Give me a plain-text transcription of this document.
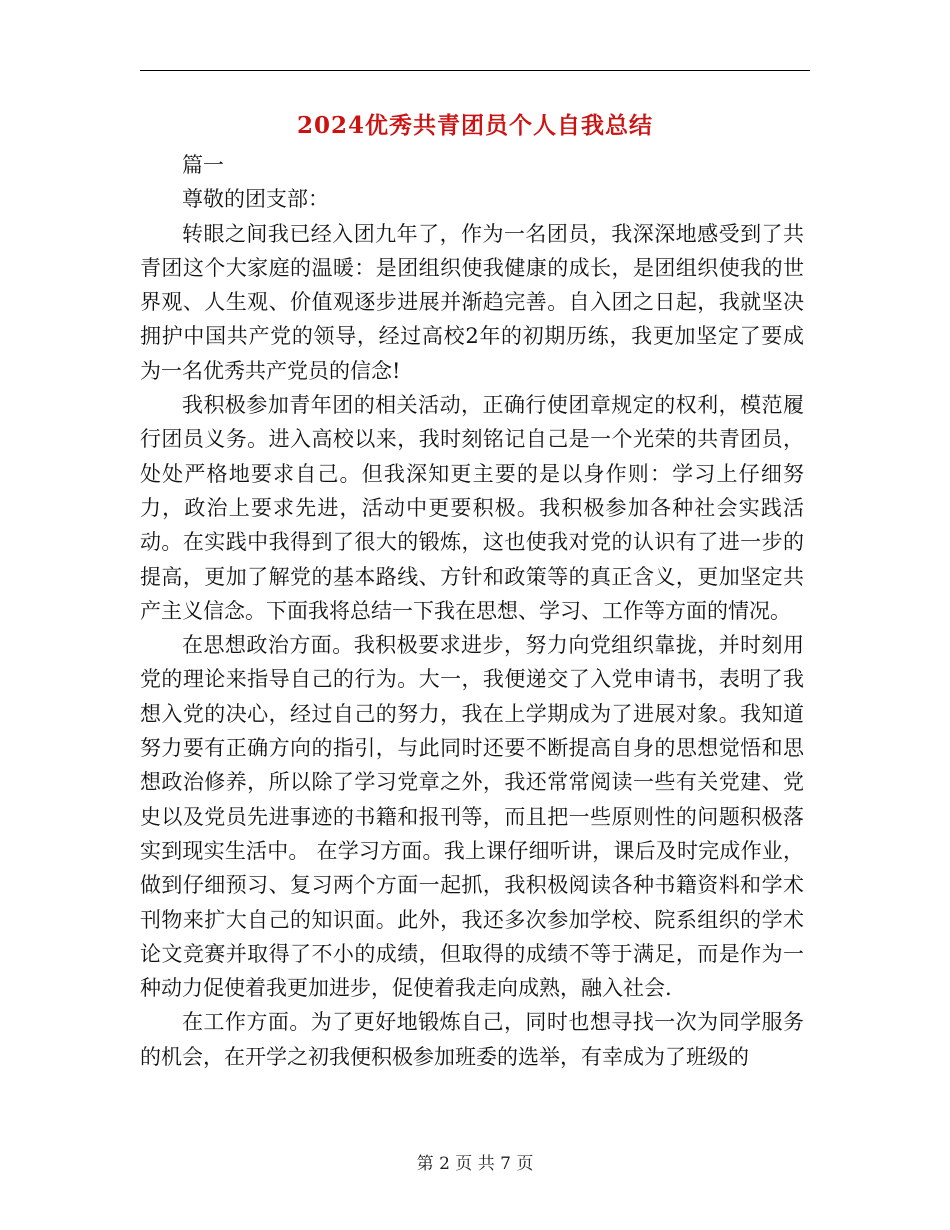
2024优秀共青团员个人自我总结

篇一

尊敬的团支部：

转眼之间我已经入团九年了，作为一名团员，我深深地感受到了共青团这个大家庭的温暖：是团组织使我健康的成长，是团组织使我的世界观、人生观、价值观逐步进展并渐趋完善。自入团之日起，我就坚决拥护中国共产党的领导，经过高校2年的初期历练，我更加坚定了要成为一名优秀共产党员的信念!

我积极参加青年团的相关活动，正确行使团章规定的权利，模范履行团员义务。进入高校以来，我时刻铭记自己是一个光荣的共青团员，处处严格地要求自己。但我深知更主要的是以身作则：学习上仔细努力，政治上要求先进，活动中更要积极。我积极参加各种社会实践活动。在实践中我得到了很大的锻炼，这也使我对党的认识有了进一步的提高，更加了解党的基本路线、方针和政策等的真正含义，更加坚定共产主义信念。下面我将总结一下我在思想、学习、工作等方面的情况。

在思想政治方面。我积极要求进步，努力向党组织靠拢，并时刻用党的理论来指导自己的行为。大一，我便递交了入党申请书，表明了我想入党的决心，经过自己的努力，我在上学期成为了进展对象。我知道努力要有正确方向的指引，与此同时还要不断提高自身的思想觉悟和思想政治修养，所以除了学习党章之外，我还常常阅读一些有关党建、党史以及党员先进事迹的书籍和报刊等，而且把一些原则性的问题积极落实到现实生活中。 在学习方面。我上课仔细听讲，课后及时完成作业，做到仔细预习、复习两个方面一起抓，我积极阅读各种书籍资料和学术刊物来扩大自己的知识面。此外，我还多次参加学校、院系组织的学术论文竞赛并取得了不小的成绩，但取得的成绩不等于满足，而是作为一种动力促使着我更加进步，促使着我走向成熟，融入社会.

在工作方面。为了更好地锻炼自己，同时也想寻找一次为同学服务的机会，在开学之初我便积极参加班委的选举，有幸成为了班级的

第 2 页 共 7 页
